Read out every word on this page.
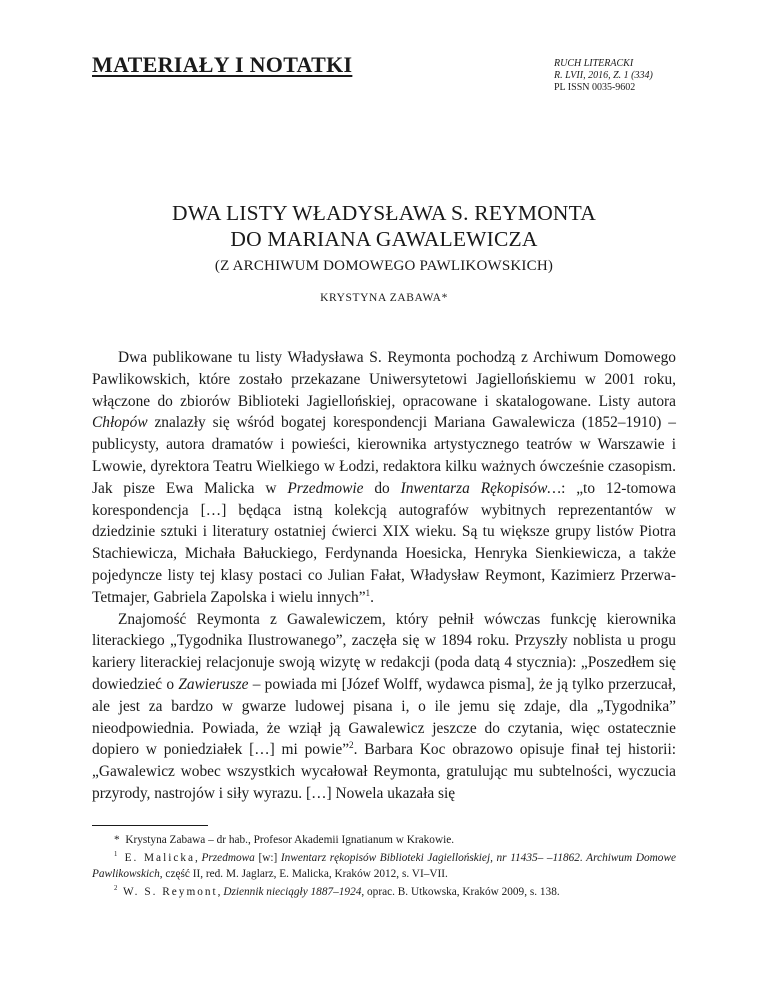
MATERIAŁY I NOTATKI	RUCH LITERACKI
R. LVII, 2016, Z. 1 (334)
PL ISSN 0035-9602
DWA LISTY WŁADYSŁAWA S. REYMONTA
DO MARIANA GAWALEWICZA
(Z ARCHIWUM DOMOWEGO PAWLIKOWSKICH)
KRYSTYNA ZABAWA*

Dwa publikowane tu listy Władysława S. Reymonta pochodzą z Archiwum Domowego Pawlikowskich, które zostało przekazane Uniwersytetowi Jagiellońskiemu w 2001 roku, włączone do zbiorów Biblioteki Jagiellońskiej, opracowane i skatalogowane. Listy autora Chłopów znalazły się wśród bogatej korespondencji Mariana Gawalewicza (1852–1910) – publicysty, autora dramatów i powieści, kierownika artystycznego teatrów w Warszawie i Lwowie, dyrektora Teatru Wielkiego w Łodzi, redaktora kilku ważnych ówcześnie czasopism. Jak pisze Ewa Malicka w Przedmowie do Inwentarza Rękopisów…: „to 12-tomowa korespondencja […] będąca istną kolekcją autografów wybitnych reprezentantów w dziedzinie sztuki i literatury ostatniej ćwierci XIX wieku. Są tu większe grupy listów Piotra Stachiewicza, Michała Bałuckiego, Ferdynanda Hoesicka, Henryka Sienkiewicza, a także pojedyncze listy tej klasy postaci co Julian Fałat, Władysław Reymont, Kazimierz Przerwa-Tetmajer, Gabriela Zapolska i wielu innych”$^1$.

Znajomość Reymonta z Gawalewiczem, który pełnił wówczas funkcję kierownika literackiego „Tygodnika Ilustrowanego”, zaczęła się w 1894 roku. Przyszły noblista u progu kariery literackiej relacjonuje swoją wizytę w redakcji (poda datą 4 stycznia): „Poszedłem się dowiedzieć o Zawierusze – powiada mi [Józef Wolff, wydawca pisma], że ją tylko przerzucał, ale jest za bardzo w gwarze ludowej pisana i, o ile jemu się zdaje, dla „Tygodnika” nieodpowiednia. Powiada, że wziął ją Gawalewicz jeszcze do czytania, więc ostatecznie dopiero w poniedziałek […] mi powie”$^2$. Barbara Koc obrazowo opisuje finał tej historii: „Gawalewicz wobec wszystkich wycałował Reymonta, gratulując mu subtelności, wyczucia przyrody, nastrojów i siły wyrazu. […] Nowela ukazała się

* Krystyna Zabawa – dr hab., Profesor Akademii Ignatianum w Krakowie.

$^1$ E. Malicka, Przedmowa [w:] Inwentarz rękopisów Biblioteki Jagiellońskiej, nr 11435– –11862. Archiwum Domowe Pawlikowskich, część II, red. M. Jaglarz, E. Malicka, Kraków 2012, s. VI–VII.

$^2$ W. S. Reymont, Dziennik nieciągły 1887–1924, oprac. B. Utkowska, Kraków 2009, s. 138.
